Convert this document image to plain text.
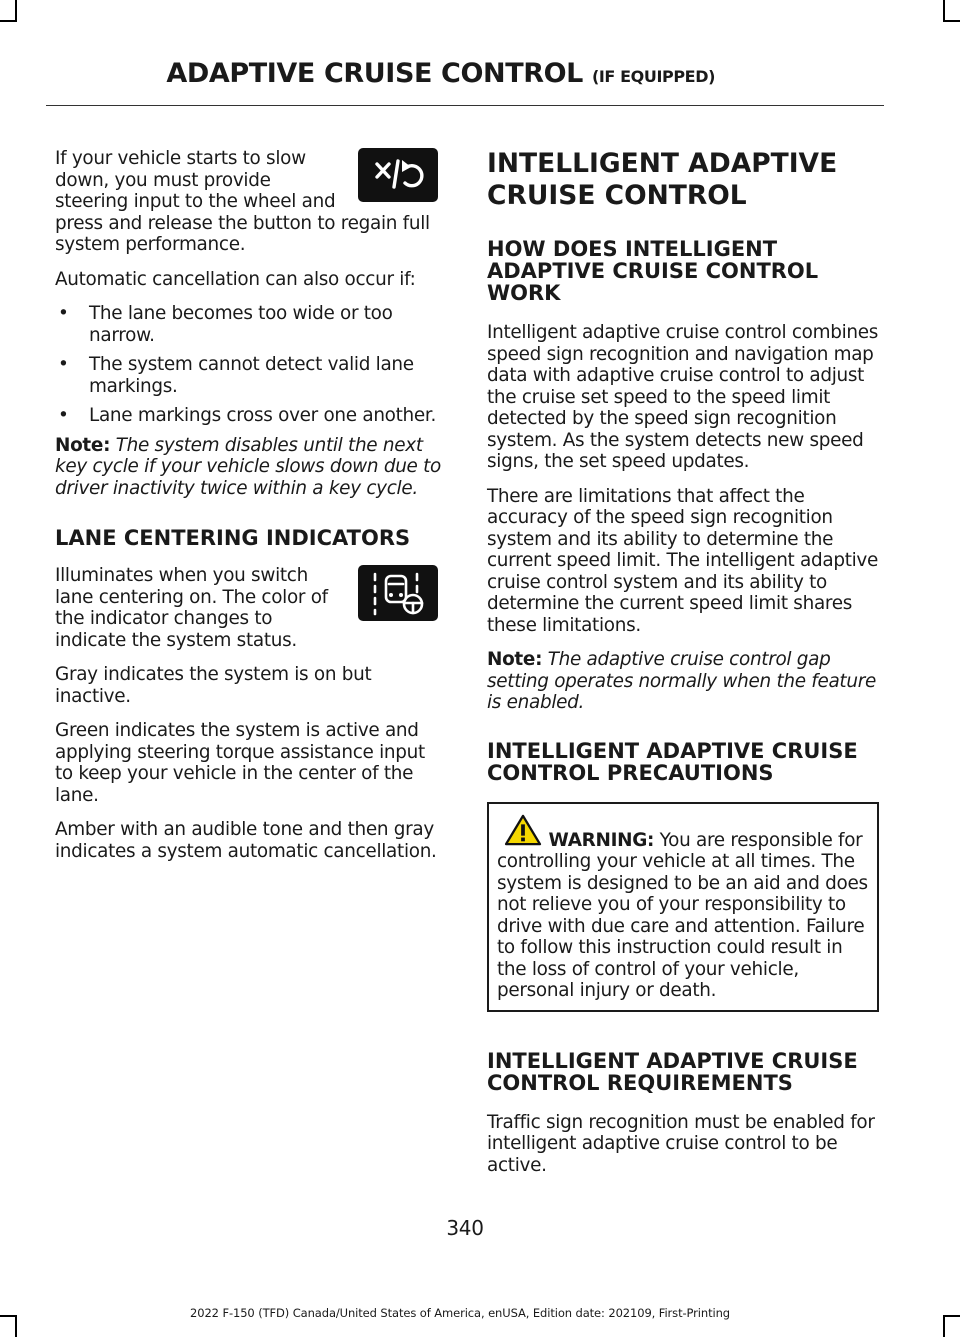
ADAPTIVE CRUISE CONTROL (IF EQUIPPED)

If your vehicle starts to slow down, you must provide steering input to the wheel and press and release the button to regain full system performance.

Automatic cancellation can also occur if:

• The lane becomes too wide or too narrow.
• The system cannot detect valid lane markings.
• Lane markings cross over one another.

Note: The system disables until the next key cycle if your vehicle slows down due to driver inactivity twice within a key cycle.

LANE CENTERING INDICATORS

Illuminates when you switch lane centering on. The color of the indicator changes to indicate the system status.

Gray indicates the system is on but inactive.

Green indicates the system is active and applying steering torque assistance input to keep your vehicle in the center of the lane.

Amber with an audible tone and then gray indicates a system automatic cancellation.

INTELLIGENT ADAPTIVE
CRUISE CONTROL
HOW DOES INTELLIGENT ADAPTIVE CRUISE CONTROL WORK

Intelligent adaptive cruise control combines speed sign recognition and navigation map data with adaptive cruise control to adjust the cruise set speed to the speed limit detected by the speed sign recognition system. As the system detects new speed signs, the set speed updates.

There are limitations that affect the accuracy of the speed sign recognition system and its ability to determine the current speed limit. The intelligent adaptive cruise control system and its ability to determine the current speed limit shares these limitations.

Note: The adaptive cruise control gap setting operates normally when the feature is enabled.

INTELLIGENT ADAPTIVE CRUISE CONTROL PRECAUTIONS

WARNING: You are responsible for controlling your vehicle at all times. The system is designed to be an aid and does not relieve you of your responsibility to drive with due care and attention. Failure to follow this instruction could result in the loss of control of your vehicle, personal injury or death.

INTELLIGENT ADAPTIVE CRUISE CONTROL REQUIREMENTS

Traffic sign recognition must be enabled for intelligent adaptive cruise control to be active.

340

2022 F-150 (TFD) Canada/United States of America, enUSA, Edition date: 202109, First-Printing
